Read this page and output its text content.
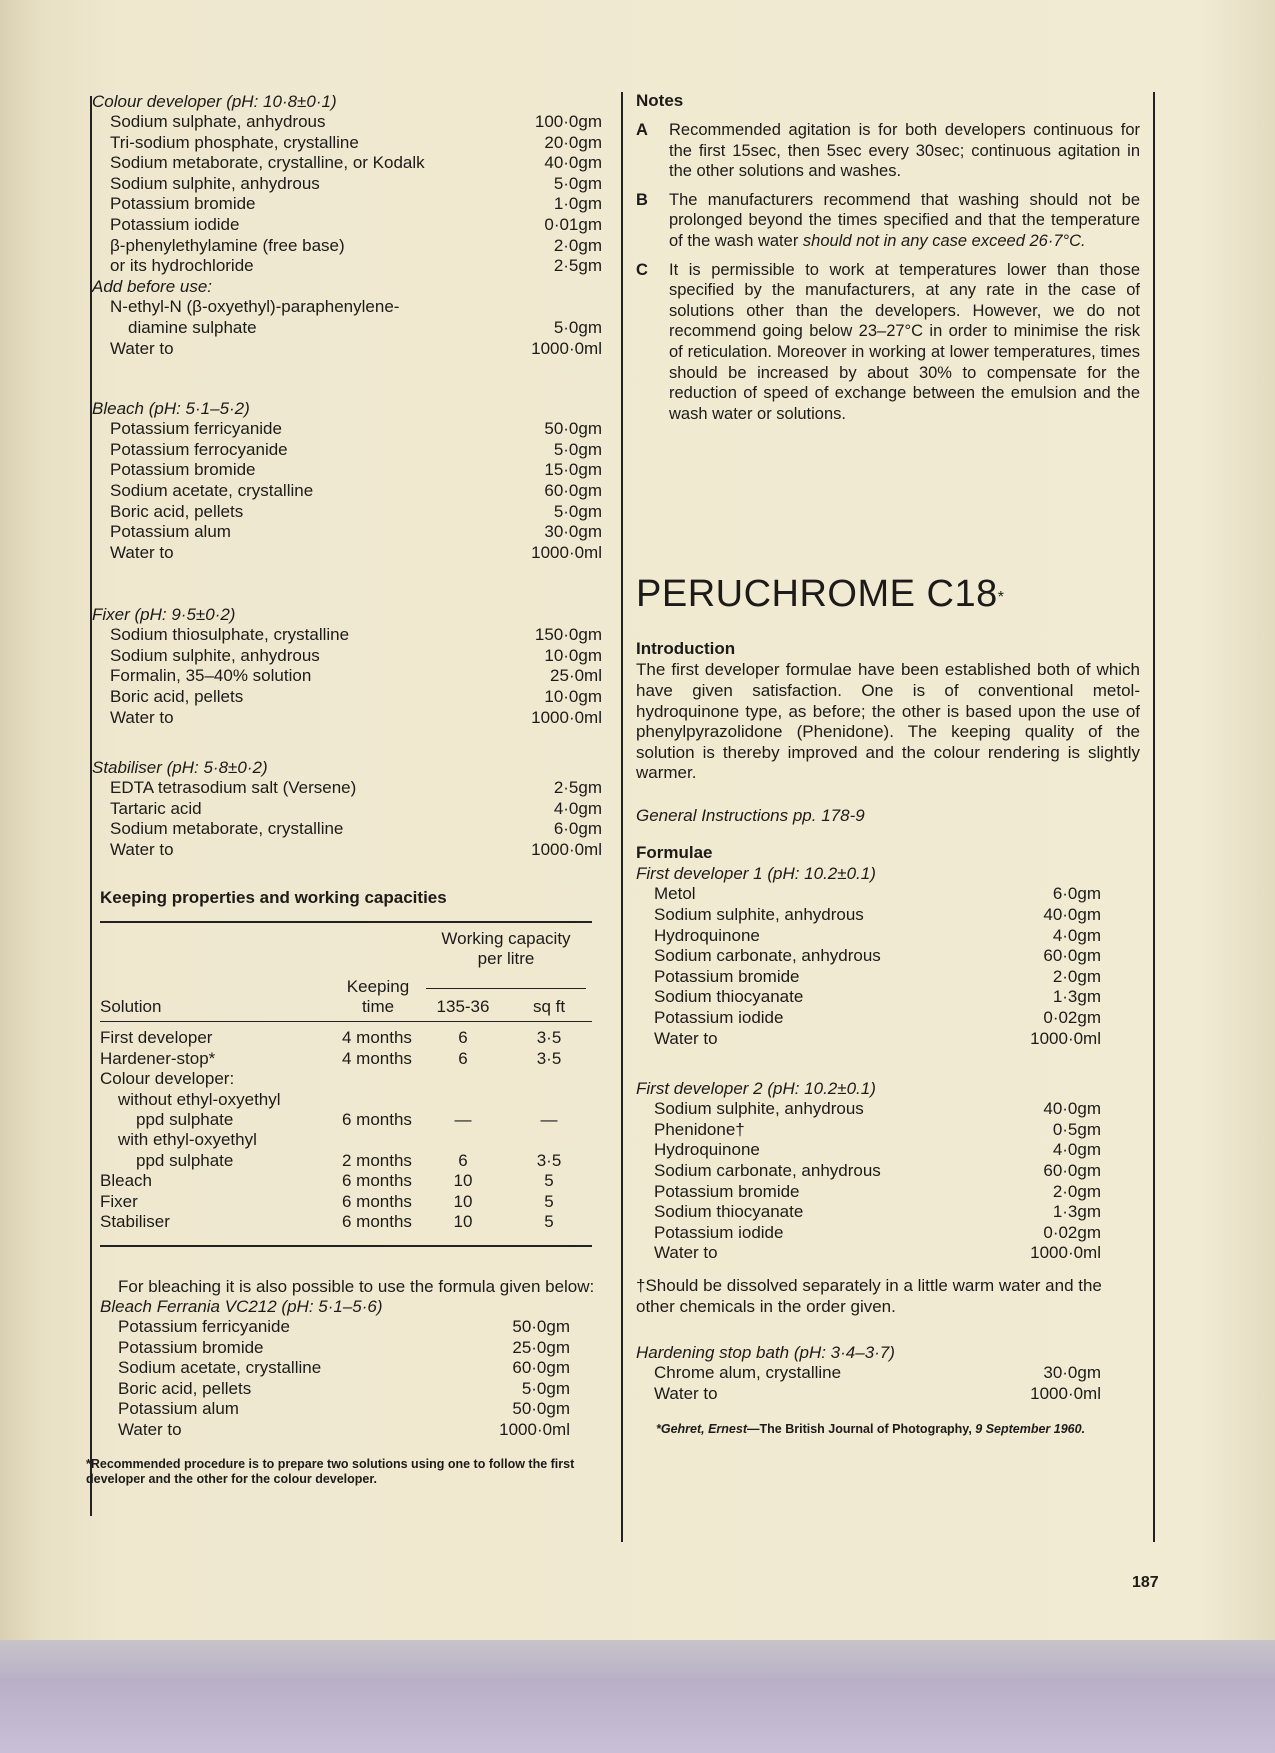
Colour developer (pH: 10·8±0·1)

Sodium sulphate, anhydrous	100·0gm
Tri-sodium phosphate, crystalline	20·0gm
Sodium metaborate, crystalline, or Kodalk	40·0gm
Sodium sulphite, anhydrous	5·0gm
Potassium bromide	1·0gm
Potassium iodide	0·01gm
β-phenylethylamine (free base)	2·0gm
or its hydrochloride	2·5gm
Add before use:
N-ethyl-N (β-oxyethyl)-paraphenylene-
diamine sulphate	5·0gm
Water to	1000·0ml

Bleach (pH: 5·1–5·2)

Potassium ferricyanide	50·0gm
Potassium ferrocyanide	5·0gm
Potassium bromide	15·0gm
Sodium acetate, crystalline	60·0gm
Boric acid, pellets	5·0gm
Potassium alum	30·0gm
Water to	1000·0ml

Fixer (pH: 9·5±0·2)

Sodium thiosulphate, crystalline	150·0gm
Sodium sulphite, anhydrous	10·0gm
Formalin, 35–40% solution	25·0ml
Boric acid, pellets	10·0gm
Water to	1000·0ml

Stabiliser (pH: 5·8±0·2)

EDTA tetrasodium salt (Versene)	2·5gm
Tartaric acid	4·0gm
Sodium metaborate, crystalline	6·0gm
Water to	1000·0ml
Keeping properties and working capacities
		Working capacity
per litre	
	Keeping		

Solution	time	135-36	sq ft

First developer	4 months	6	3·5
Hardener-stop*	4 months	6	3·5
Colour developer:			
without ethyl-oxyethyl			
ppd sulphate	6 months	—	—
with ethyl-oxyethyl			
ppd sulphate	2 months	6	3·5
Bleach	6 months	10	5
Fixer	6 months	10	5
Stabiliser	6 months	10	5
For bleaching it is also possible to use the formula given below:

Bleach Ferrania VC212 (pH: 5·1–5·6)

Potassium ferricyanide	50·0gm
Potassium bromide	25·0gm
Sodium acetate, crystalline	60·0gm
Boric acid, pellets	5·0gm
Potassium alum	50·0gm
Water to	1000·0ml
*Recommended procedure is to prepare two solutions using one to follow the first developer and the other for the colour developer.
Notes
A	Recommended agitation is for both developers continuous for the first 15sec, then 5sec every 30sec; continuous agitation in the other solutions and washes.
B	The manufacturers recommend that washing should not be prolonged beyond the times specified and that the temperature of the wash water should not in any case exceed 26·7°C.
C	It is permissible to work at temperatures lower than those specified by the manufacturers, at any rate in the case of solutions other than the developers. However, we do not recommend going below 23–27°C in order to minimise the risk of reticulation. Moreover in working at lower temperatures, times should be increased by about 30% to compensate for the reduction of speed of exchange between the emulsion and the wash water or solutions.
PERUCHROME C18*
Introduction
The first developer formulae have been established both of which have given satisfaction. One is of conventional metol-hydroquinone type, as before; the other is based upon the use of phenylpyrazolidone (Phenidone). The keeping quality of the solution is thereby improved and the colour rendering is slightly warmer.
General Instructions pp. 178-9
Formulae

First developer 1 (pH: 10.2±0.1)

Metol	6·0gm
Sodium sulphite, anhydrous	40·0gm
Hydroquinone	4·0gm
Sodium carbonate, anhydrous	60·0gm
Potassium bromide	2·0gm
Sodium thiocyanate	1·3gm
Potassium iodide	0·02gm
Water to	1000·0ml

First developer 2 (pH: 10.2±0.1)

Sodium sulphite, anhydrous	40·0gm
Phenidone†	0·5gm
Hydroquinone	4·0gm
Sodium carbonate, anhydrous	60·0gm
Potassium bromide	2·0gm
Sodium thiocyanate	1·3gm
Potassium iodide	0·02gm
Water to	1000·0ml
†Should be dissolved separately in a little warm water and the other chemicals in the order given.

Hardening stop bath (pH: 3·4–3·7)

Chrome alum, crystalline	30·0gm
Water to	1000·0ml
*Gehret, Ernest—The British Journal of Photography, 9 September 1960.
187
